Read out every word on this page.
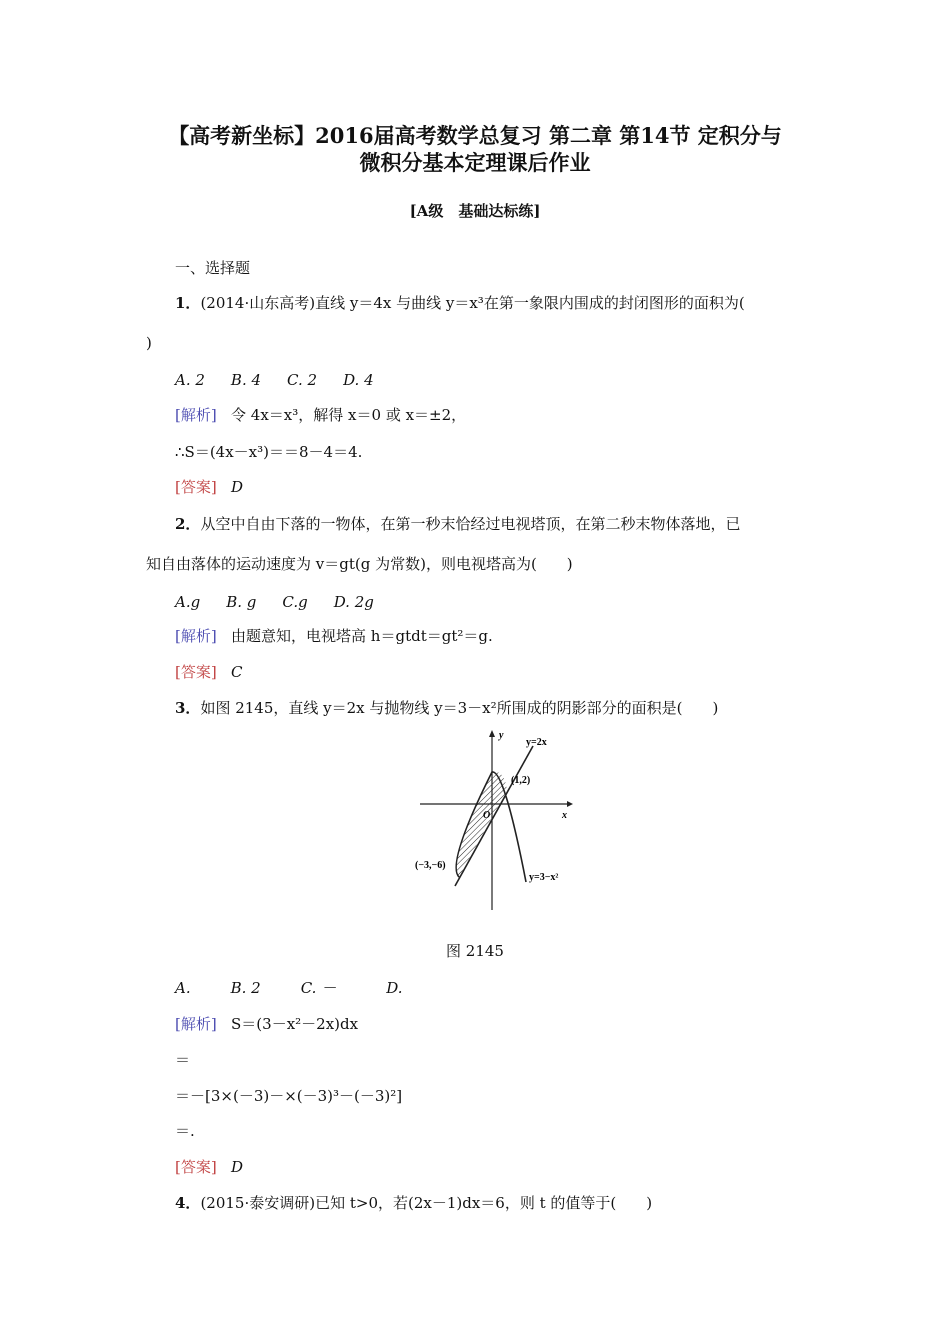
【高考新坐标】2016届高考数学总复习 第二章 第14节 定积分与
微积分基本定理课后作业
[A级　基础达标练]
一、选择题
1．(2014·山东高考)直线 y＝4x 与曲线 y＝x³在第一象限内围成的封闭图形的面积为(
)
A. 2 B. 4 C. 2 D. 4
[解析] 令 4x＝x³，解得 x＝0 或 x＝±2，
∴S＝(4x－x³)＝＝8－4＝4.
[答案] D
2．从空中自由下落的一物体，在第一秒末恰经过电视塔顶，在第二秒末物体落地，已
知自由落体的运动速度为 v＝gt(g 为常数)，则电视塔高为(　　)
A.g B. g C.g D. 2g
[解析] 由题意知，电视塔高 h＝gtdt＝gt²＝g.
[答案] C
3．如图 2145，直线 y＝2x 与抛物线 y＝3－x²所围成的阴影部分的面积是(　　)
y
x
O
y=2x
(1,2)
(−3,−6)
y=3−x²
图 2145
A.	B. 2	C. －	D.
[解析] S＝(3－x²－2x)dx
＝
＝－[3×(－3)－×(－3)³－(－3)²]
＝.
[答案] D
4．(2015·泰安调研)已知 t>0，若(2x－1)dx＝6，则 t 的值等于(　　)
